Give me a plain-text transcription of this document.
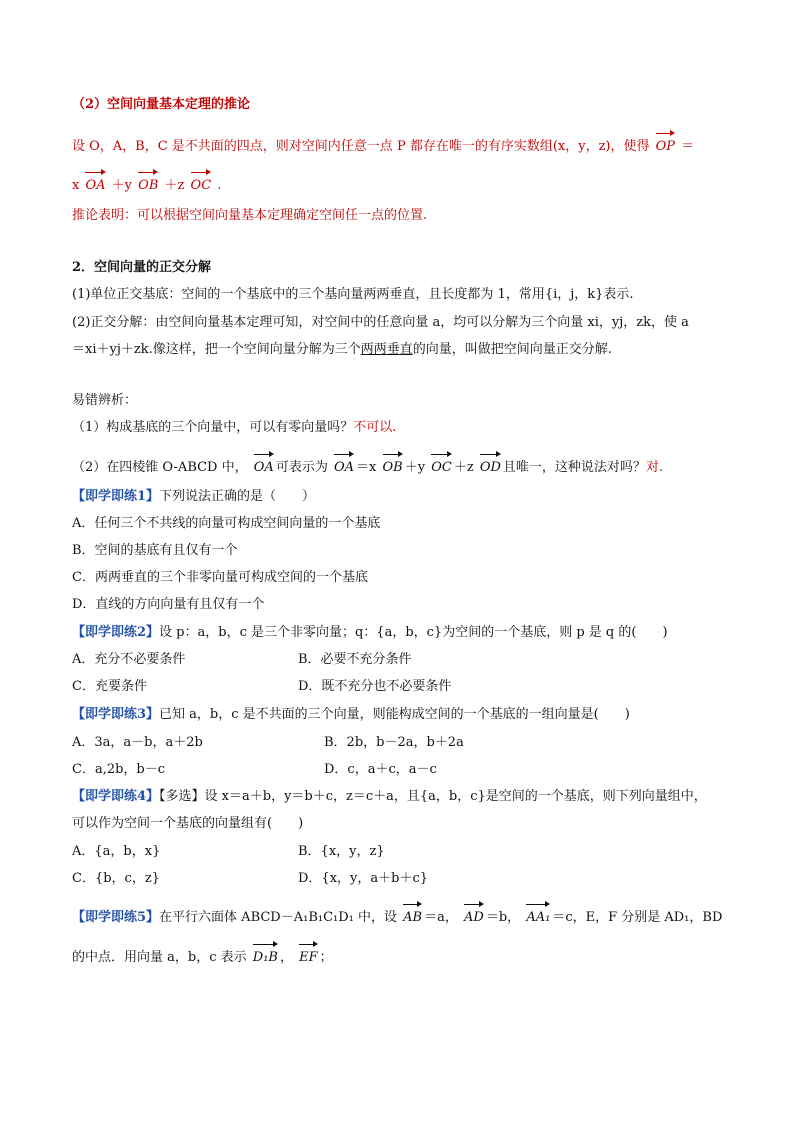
（2）空间向量基本定理的推论
设 O，A，B，C 是不共面的四点，则对空间内任意一点 P 都存在唯一的有序实数组(x，y，z)，使得 OP ＝
x OA ＋y OB ＋z OC .
推论表明：可以根据空间向量基本定理确定空间任一点的位置.
2．空间向量的正交分解
(1)单位正交基底：空间的一个基底中的三个基向量两两垂直，且长度都为 1，常用{i，j，k}表示.
(2)正交分解：由空间向量基本定理可知，对空间中的任意向量 a，均可以分解为三个向量 xi，yj，zk，使 a
＝xi＋yj＋zk.像这样，把一个空间向量分解为三个两两垂直的向量，叫做把空间向量正交分解.
易错辨析：
（1）构成基底的三个向量中，可以有零向量吗？不可以.
（2）在四棱锥 O-ABCD 中， OA 可表示为 OA ＝x OB ＋y OC ＋z OD 且唯一，这种说法对吗？对.
【即学即练1】下列说法正确的是（　　）
A．任何三个不共线的向量可构成空间向量的一个基底
B．空间的基底有且仅有一个
C．两两垂直的三个非零向量可构成空间的一个基底
D．直线的方向向量有且仅有一个
【即学即练2】设 p：a，b，c 是三个非零向量；q：{a，b，c}为空间的一个基底，则 p 是 q 的(　　)
A．充分不必要条件	B．必要不充分条件
C．充要条件	D．既不充分也不必要条件
【即学即练3】已知 a，b，c 是不共面的三个向量，则能构成空间的一个基底的一组向量是(　　)
A．3a，a－b，a＋2b	B．2b，b－2a，b＋2a
C．a,2b，b－c	D．c，a＋c，a－c
【即学即练4】【多选】设 x＝a＋b，y＝b＋c，z＝c＋a，且{a，b，c}是空间的一个基底，则下列向量组中，
可以作为空间一个基底的向量组有(　　)
A．{a，b，x}	B．{x，y，z}
C．{b，c，z}	D．{x，y，a＋b＋c}
【即学即练5】在平行六面体 ABCD－A₁B₁C₁D₁ 中，设 AB ＝a， AD ＝b， AA₁ ＝c，E，F 分别是 AD₁，BD
的中点．用向量 a，b，c 表示 D₁B ， EF ；
